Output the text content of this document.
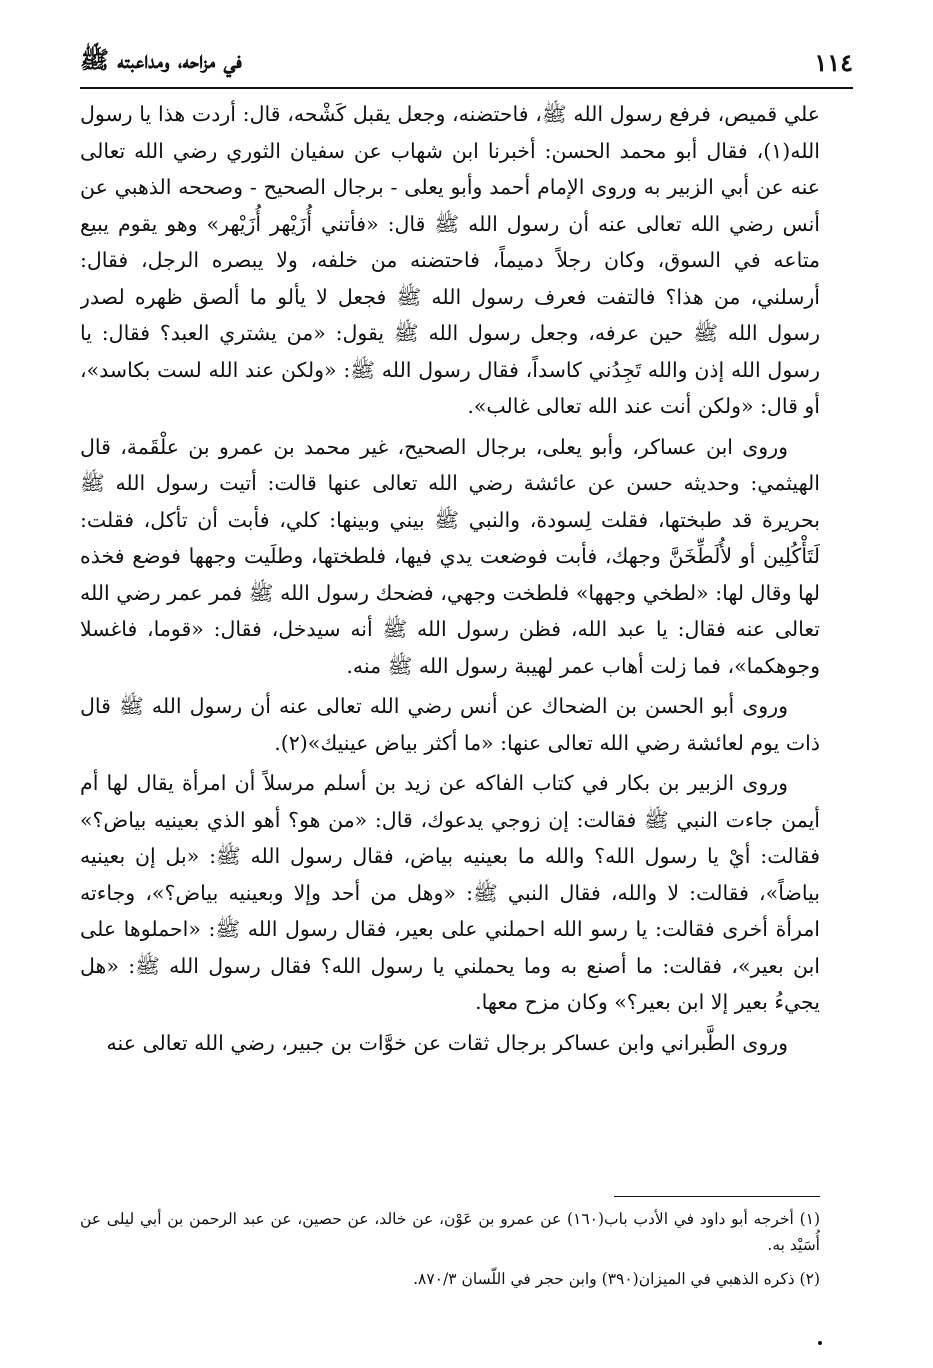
١١٤
في مزاحه، ومداعبته ﷺ

علي قميص، فرفع رسول الله ﷺ، فاحتضنه، وجعل يقبل كَشْحه، قال: أردت هذا يا رسول الله(١)، فقال أبو محمد الحسن: أخبرنا ابن شهاب عن سفيان الثوري رضي الله تعالى عنه عن أبي الزبير به وروى الإمام أحمد وأبو يعلى - برجال الصحيح - وصححه الذهبي عن أنس رضي الله تعالى عنه أن رسول الله ﷺ قال: «فأتني أُزَيْهر أُزَيْهر» وهو يقوم يبيع متاعه في السوق، وكان رجلاً دميماً، فاحتضنه من خلفه، ولا يبصره الرجل، فقال: أرسلني، من هذا؟ فالتفت فعرف رسول الله ﷺ فجعل لا يألو ما ألصق ظهره لصدر رسول الله ﷺ حين عرفه، وجعل رسول الله ﷺ يقول: «من يشتري العبد؟ فقال: يا رسول الله إذن والله تَجِدُني كاسداً، فقال رسول الله ﷺ: «ولكن عند الله لست بكاسد»، أو قال: «ولكن أنت عند الله تعالى غالب».

وروى ابن عساكر، وأبو يعلى، برجال الصحيح، غير محمد بن عمرو بن علْقَمة، قال الهيثمي: وحديثه حسن عن عائشة رضي الله تعالى عنها قالت: أتيت رسول الله ﷺ بحريرة قد طبختها، فقلت لِسودة، والنبي ﷺ بيني وبينها: كلي، فأبت أن تأكل، فقلت: لَتَأْكُلِين أو لأُلَطِّخَنَّ وجهك، فأبت فوضعت يدي فيها، فلطختها، وطلَيت وجهها فوضع فخذه لها وقال لها: «لطخي وجهها» فلطخت وجهي، فضحك رسول الله ﷺ فمر عمر رضي الله تعالى عنه فقال: يا عبد الله، فظن رسول الله ﷺ أنه سيدخل، فقال: «قوما، فاغسلا وجوهكما»، فما زلت أهاب عمر لهيبة رسول الله ﷺ منه.

وروى أبو الحسن بن الضحاك عن أنس رضي الله تعالى عنه أن رسول الله ﷺ قال ذات يوم لعائشة رضي الله تعالى عنها: «ما أكثر بياض عينيك»(٢).

وروى الزبير بن بكار في كتاب الفاكه عن زيد بن أسلم مرسلاً أن امرأة يقال لها أم أيمن جاءت النبي ﷺ فقالت: إن زوجي يدعوك، قال: «من هو؟ أهو الذي بعينيه بياض؟» فقالت: أيْ يا رسول الله؟ والله ما بعينيه بياض، فقال رسول الله ﷺ: «بل إن بعينيه بياضاً»، فقالت: لا والله، فقال النبي ﷺ: «وهل من أحد وإلا وبعينيه بياض؟»، وجاءته امرأة أخرى فقالت: يا رسو الله احملني على بعير، فقال رسول الله ﷺ: «احملوها على ابن بعير»، فقالت: ما أصنع به وما يحملني يا رسول الله؟ فقال رسول الله ﷺ: «هل يجيءُ بعير إلا ابن بعير؟» وكان مزح معها.

وروى الطَّبراني وابن عساكر برجال ثقات عن خوَّات بن جبير، رضي الله تعالى عنه

(١) أخرجه أبو داود في الأدب باب(١٦٠) عن عمرو بن عَوْن، عن خالد، عن حصين، عن عبد الرحمن بن أبي ليلى عن أُسَيْد به.

(٢) ذكره الذهبي في الميزان(٣٩٠) وابن حجر في اللّسان ٨٧٠/٣.
